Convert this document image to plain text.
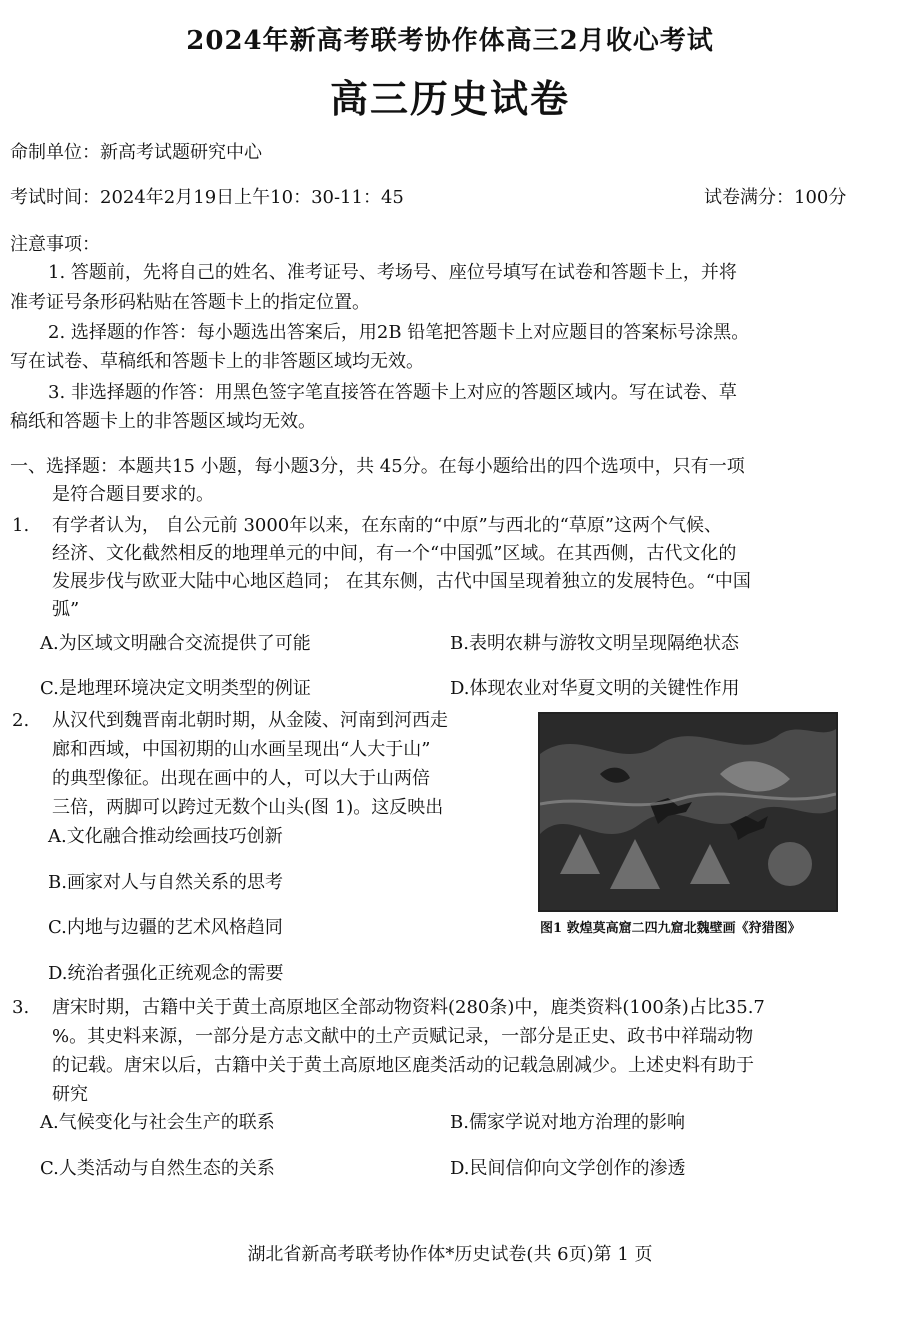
2024年新高考联考协作体高三2月收心考试
高三历史试卷
命制单位：新高考试题研究中心
考试时间：2024年2月19日上午10：30-11：45	试卷满分：100分
注意事项：
1. 答题前，先将自己的姓名、准考证号、考场号、座位号填写在试卷和答题卡上，并将
准考证号条形码粘贴在答题卡上的指定位置。
2. 选择题的作答：每小题选出答案后，用2B 铅笔把答题卡上对应题目的答案标号涂黑。
写在试卷、草稿纸和答题卡上的非答题区域均无效。
3. 非选择题的作答：用黑色签字笔直接答在答题卡上对应的答题区域内。写在试卷、草
稿纸和答题卡上的非答题区域均无效。
一、选择题：本题共15 小题，每小题3分，共 45分。在每小题给出的四个选项中，只有一项
是符合题目要求的。
1. 有学者认为， 自公元前 3000年以来，在东南的“中原”与西北的“草原”这两个气候、
经济、文化截然相反的地理单元的中间，有一个“中国弧”区域。在其西侧，古代文化的
发展步伐与欧亚大陆中心地区趋同； 在其东侧，古代中国呈现着独立的发展特色。“中国
弧”
A.为区域文明融合交流提供了可能	B.表明农耕与游牧文明呈现隔绝状态
C.是地理环境决定文明类型的例证	D.体现农业对华夏文明的关键性作用
2. 从汉代到魏晋南北朝时期，从金陵、河南到河西走
廊和西域，中国初期的山水画呈现出“人大于山”
的典型像征。出现在画中的人，可以大于山两倍
三倍，两脚可以跨过无数个山头(图 1)。这反映出
A.文化融合推动绘画技巧创新
B.画家对人与自然关系的思考
C.内地与边疆的艺术风格趋同
D.统治者强化正统观念的需要
图1 敦煌莫高窟二四九窟北魏壁画《狩猎图》
3. 唐宋时期，古籍中关于黄土高原地区全部动物资料(280条)中，鹿类资料(100条)占比35.7
%。其史料来源，一部分是方志文献中的土产贡赋记录，一部分是正史、政书中祥瑞动物
的记载。唐宋以后，古籍中关于黄土高原地区鹿类活动的记载急剧减少。上述史料有助于
研究
A.气候变化与社会生产的联系	B.儒家学说对地方治理的影响
C.人类活动与自然生态的关系	D.民间信仰向文学创作的渗透
湖北省新高考联考协作体*历史试卷(共 6页)第 1 页
